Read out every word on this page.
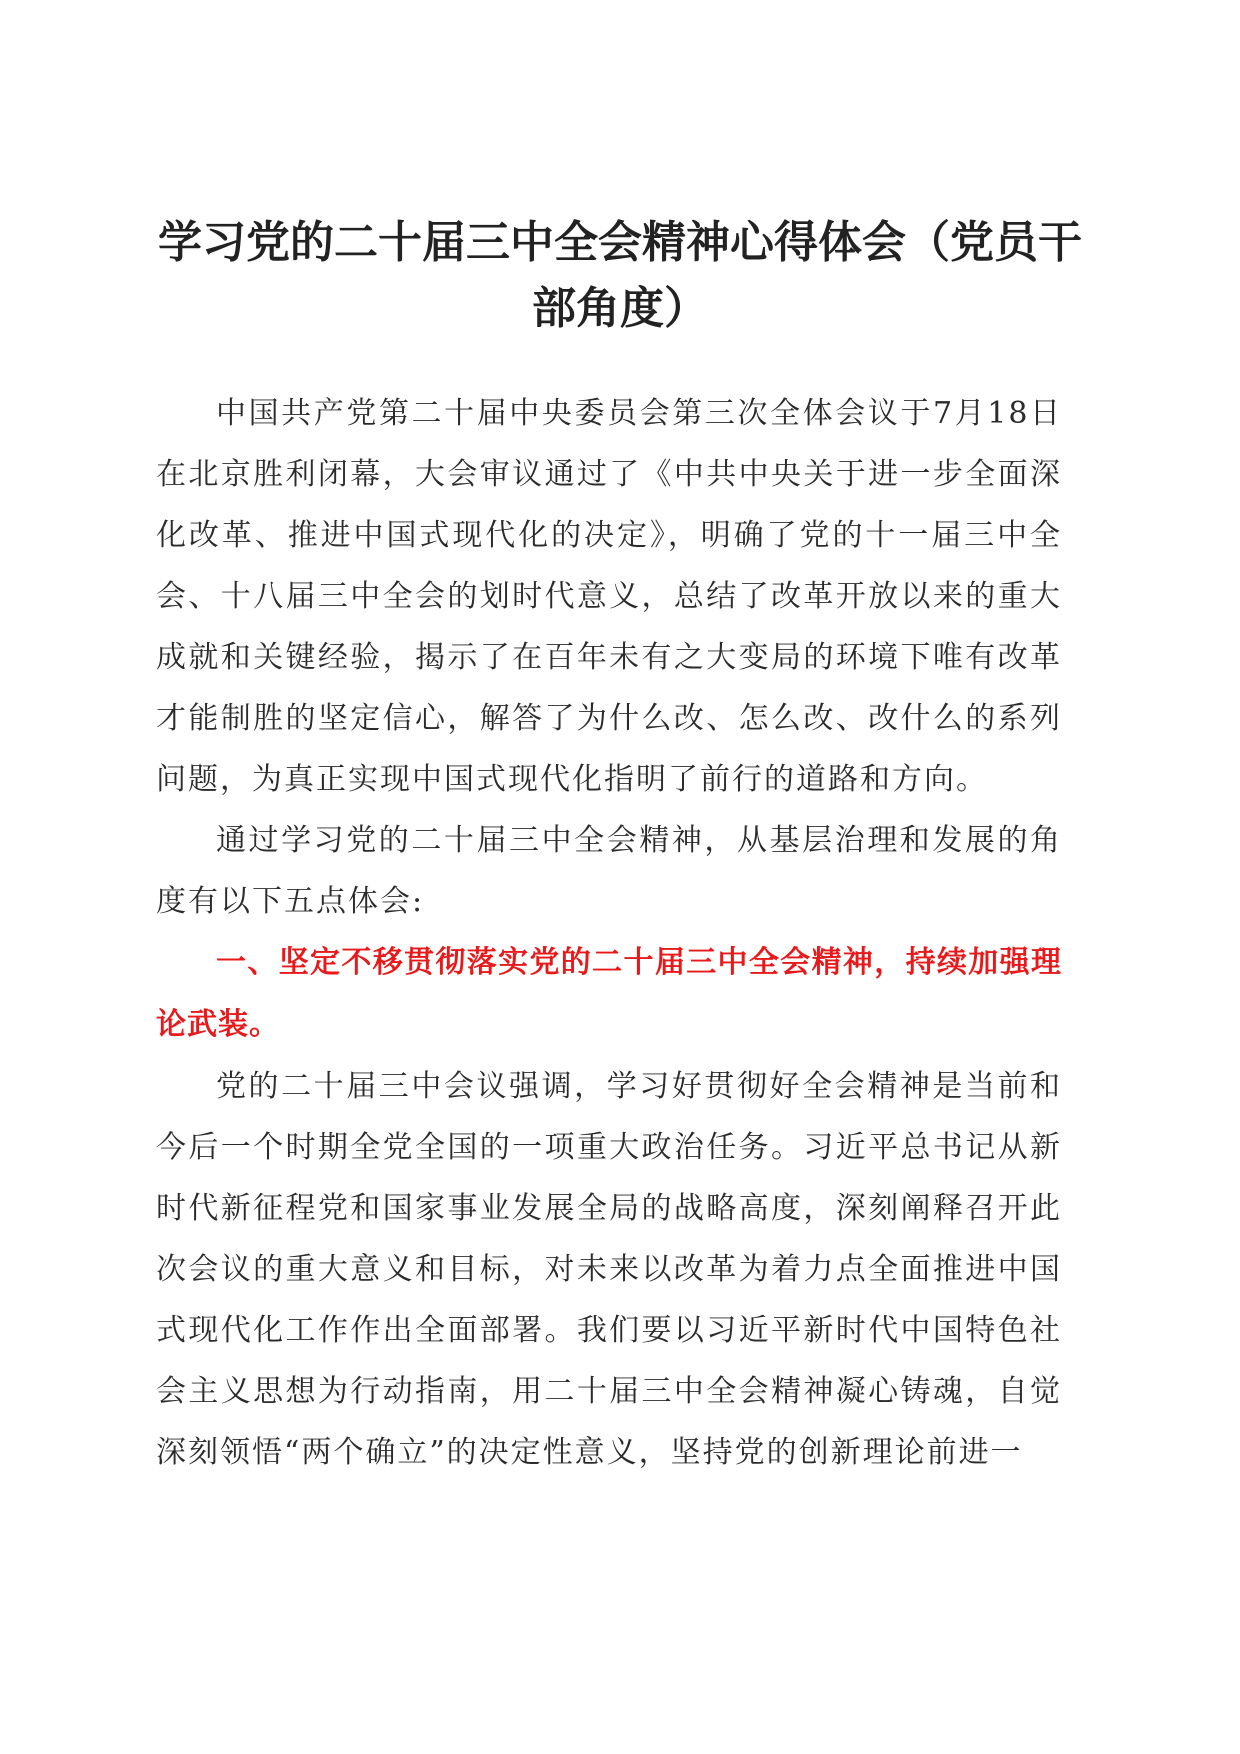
学习党的二十届三中全会精神心得体会（党员干部角度）

中国共产党第二十届中央委员会第三次全体会议于7月18日在北京胜利闭幕，大会审议通过了《中共中央关于进一步全面深化改革、推进中国式现代化的决定》，明确了党的十一届三中全会、十八届三中全会的划时代意义，总结了改革开放以来的重大成就和关键经验，揭示了在百年未有之大变局的环境下唯有改革才能制胜的坚定信心，解答了为什么改、怎么改、改什么的系列问题，为真正实现中国式现代化指明了前行的道路和方向。

通过学习党的二十届三中全会精神，从基层治理和发展的角度有以下五点体会:

一、坚定不移贯彻落实党的二十届三中全会精神，持续加强理论武装。

党的二十届三中会议强调，学习好贯彻好全会精神是当前和今后一个时期全党全国的一项重大政治任务。习近平总书记从新时代新征程党和国家事业发展全局的战略高度，深刻阐释召开此次会议的重大意义和目标，对未来以改革为着力点全面推进中国式现代化工作作出全面部署。我们要以习近平新时代中国特色社会主义思想为行动指南，用二十届三中全会精神凝心铸魂，自觉深刻领悟“两个确立”的决定性意义，坚持党的创新理论前进一
